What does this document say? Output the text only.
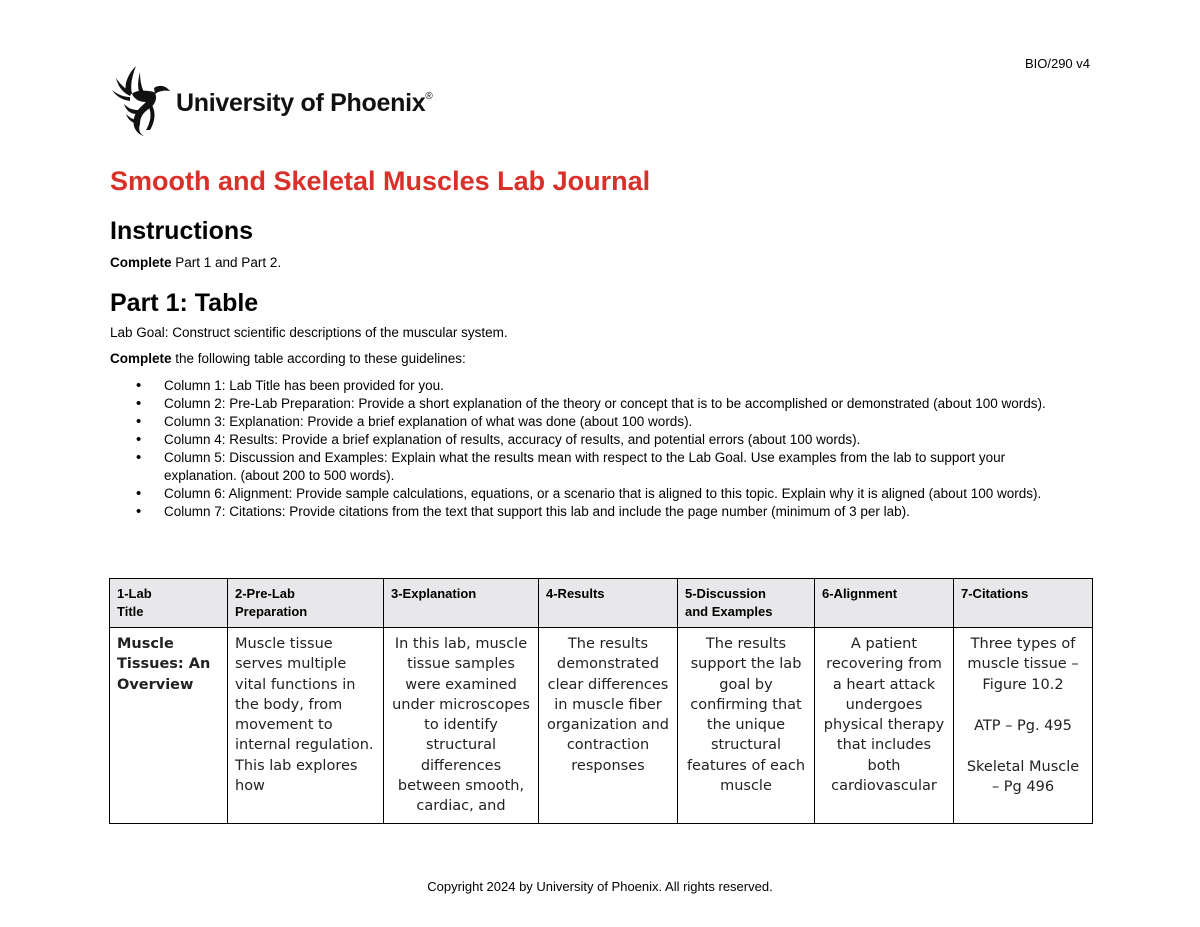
BIO/290 v4
University of Phoenix®
Smooth and Skeletal Muscles Lab Journal
Instructions
Complete Part 1 and Part 2.
Part 1: Table
Lab Goal: Construct scientific descriptions of the muscular system.
Complete the following table according to these guidelines:
• Column 1: Lab Title has been provided for you.
• Column 2: Pre-Lab Preparation: Provide a short explanation of the theory or concept that is to be accomplished or demonstrated (about 100 words).
• Column 3: Explanation: Provide a brief explanation of what was done (about 100 words).
• Column 4: Results: Provide a brief explanation of results, accuracy of results, and potential errors (about 100 words).
• Column 5: Discussion and Examples: Explain what the results mean with respect to the Lab Goal. Use examples from the lab to support your explanation. (about 200 to 500 words).
• Column 6: Alignment: Provide sample calculations, equations, or a scenario that is aligned to this topic. Explain why it is aligned (about 100 words).
• Column 7: Citations: Provide citations from the text that support this lab and include the page number (minimum of 3 per lab).
1-Lab
Title	2-Pre-Lab
Preparation	3-Explanation	4-Results	5-Discussion
and Examples	6-Alignment	7-Citations
Muscle Tissues: An Overview	Muscle tissue serves multiple vital functions in the body, from movement to internal regulation. This lab explores how	In this lab, muscle tissue samples were examined under microscopes to identify structural differences between smooth, cardiac, and	The results demonstrated clear differences in muscle fiber organization and contraction responses	The results support the lab goal by confirming that the unique structural features of each muscle	A patient recovering from a heart attack undergoes physical therapy that includes both cardiovascular	Three types of muscle tissue – Figure 10.2
ATP – Pg. 495
Skeletal Muscle – Pg 496
Copyright 2024 by University of Phoenix. All rights reserved.
